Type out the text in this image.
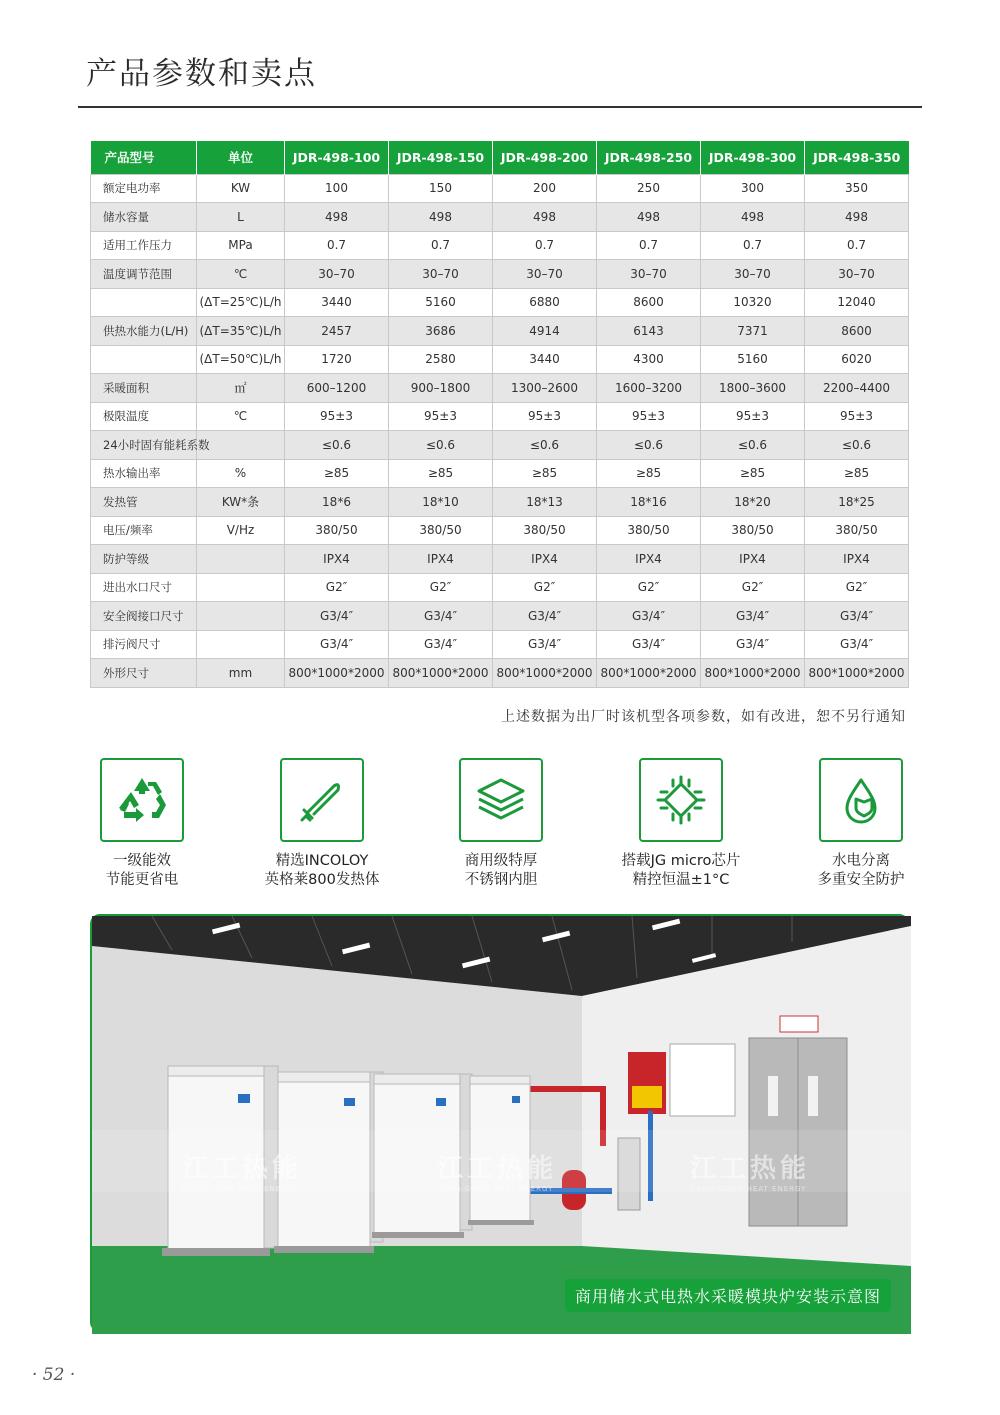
产品参数和卖点
产品型号	单位	JDR-498-100	JDR-498-150	JDR-498-200	JDR-498-250	JDR-498-300	JDR-498-350
额定电功率	KW	100	150	200	250	300	350
储水容量	L	498	498	498	498	498	498
适用工作压力	MPa	0.7	0.7	0.7	0.7	0.7	0.7
温度调节范围	℃	30–70	30–70	30–70	30–70	30–70	30–70
	(ΔT=25℃)L/h	3440	5160	6880	8600	10320	12040
供热水能力(L/H)	(ΔT=35℃)L/h	2457	3686	4914	6143	7371	8600
	(ΔT=50℃)L/h	1720	2580	3440	4300	5160	6020
采暖面积	㎡	600–1200	900–1800	1300–2600	1600–3200	1800–3600	2200–4400
极限温度	℃	95±3	95±3	95±3	95±3	95±3	95±3
24小时固有能耗系数		≤0.6	≤0.6	≤0.6	≤0.6	≤0.6	≤0.6
热水输出率	%	≥85	≥85	≥85	≥85	≥85	≥85
发热管	KW*条	18*6	18*10	18*13	18*16	18*20	18*25
电压/频率	V/Hz	380/50	380/50	380/50	380/50	380/50	380/50
防护等级		IPX4	IPX4	IPX4	IPX4	IPX4	IPX4
进出水口尺寸		G2″	G2″	G2″	G2″	G2″	G2″
安全阀接口尺寸		G3/4″	G3/4″	G3/4″	G3/4″	G3/4″	G3/4″
排污阀尺寸		G3/4″	G3/4″	G3/4″	G3/4″	G3/4″	G3/4″
外形尺寸	mm	800*1000*2000	800*1000*2000	800*1000*2000	800*1000*2000	800*1000*2000	800*1000*2000
上述数据为出厂时该机型各项参数，如有改进，恕不另行通知
一级能效
节能更省电
精选INCOLOY
英格莱800发热体
商用级特厚
不锈钢内胆
搭载JG micro芯片
精控恒温±1°C
水电分离
多重安全防护
江工热能
JIANG GONG HEAT ENERGY
江工热能
JIANG GONG HEAT ENERGY
江工热能
JIANG GONG HEAT ENERGY
商用储水式电热水采暖模块炉安装示意图
· 52 ·
